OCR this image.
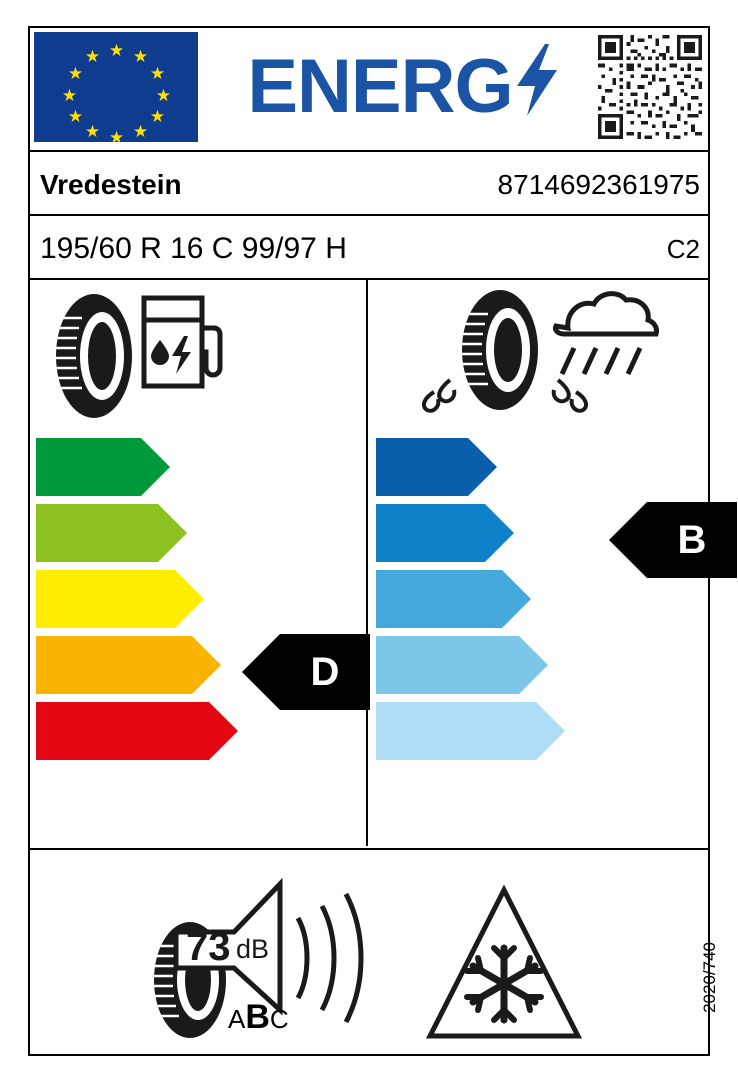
★
★ ★
★	★
★	★
★	★
★ ★
★
ENERG
Vredestein	8714692361975
195/60 R 16 C 99/97 H	C2
A
B
C
D	D
E
A
B	B
C
D
E
73 dB
ABC
2020/740
